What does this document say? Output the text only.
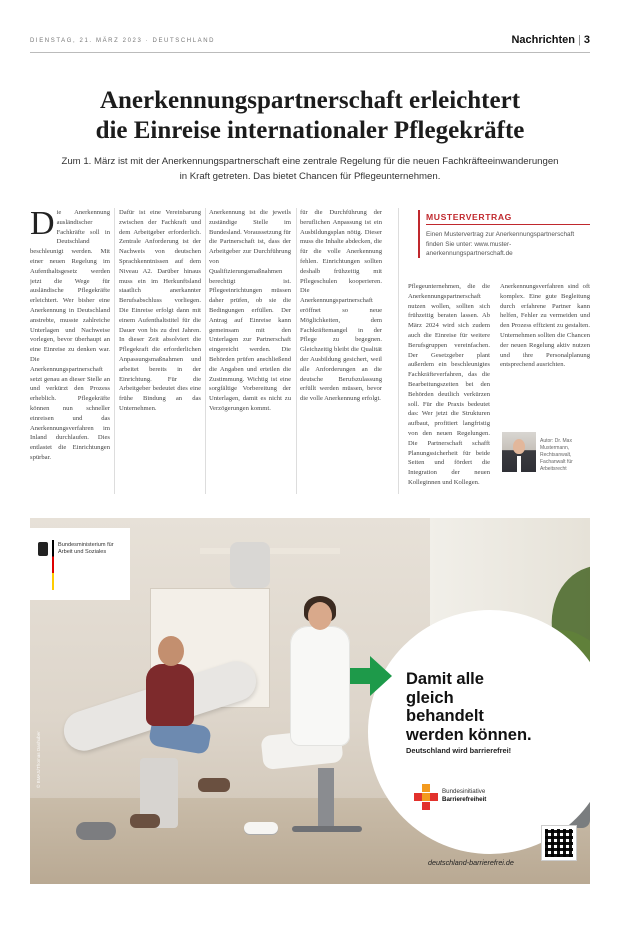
DIENSTAG, 21. MÄRZ 2023 · DEUTSCHLAND	Nachrichten | 3
Anerkennungspartnerschaft erleichtert
die Einreise internationaler Pflegekräfte

Zum 1. März ist mit der Anerkennungspartnerschaft eine zentrale Regelung für die neuen Fachkräfteeinwanderungen in Kraft getreten. Das bietet Chancen für Pflegeunternehmen.

D ie Anerkennung ausländischer Fachkräfte soll in Deutschland beschleunigt werden. Mit einer neuen Regelung im Aufenthaltsgesetz werden jetzt die Wege für ausländische Pflegekräfte erleichtert. Wer bisher eine Anerkennung in Deutschland anstrebte, musste zahlreiche Unterlagen und Nachweise vorlegen, bevor überhaupt an eine Einreise zu denken war. Die Anerkennungspartnerschaft setzt genau an dieser Stelle an und verkürzt den Prozess erheblich. Pflegekräfte können nun schneller einreisen und das Anerkennungsverfahren im Inland durchlaufen. Dies entlastet die Einrichtungen spürbar.
Dafür ist eine Vereinbarung zwischen der Fachkraft und dem Arbeitgeber erforderlich. Zentrale Anforderung ist der Nachweis von deutschen Sprachkenntnissen auf dem Niveau A2. Darüber hinaus muss ein im Herkunftsland staatlich anerkannter Berufsabschluss vorliegen. Die Einreise erfolgt dann mit einem Aufenthaltstitel für die Dauer von bis zu drei Jahren. In dieser Zeit absolviert die Pflegekraft die erforderlichen Anpassungsmaßnahmen und arbeitet bereits in der Einrichtung. Für die Arbeitgeber bedeutet dies eine frühe Bindung an das Unternehmen.
Anerkennung ist die jeweils zuständige Stelle im Bundesland. Voraussetzung für die Partnerschaft ist, dass der Arbeitgeber zur Durchführung von Qualifizierungsmaßnahmen berechtigt ist. Pflegeeinrichtungen müssen daher prüfen, ob sie die Bedingungen erfüllen. Der Antrag auf Einreise kann gemeinsam mit den Unterlagen zur Partnerschaft eingereicht werden. Die Behörden prüfen anschließend die Angaben und erteilen die Zustimmung. Wichtig ist eine sorgfältige Vorbereitung der Unterlagen, damit es nicht zu Verzögerungen kommt.
für die Durchführung der beruflichen Anpassung ist ein Ausbildungsplan nötig. Dieser muss die Inhalte abdecken, die für die volle Anerkennung fehlen. Einrichtungen sollten deshalb frühzeitig mit Pflegeschulen kooperieren. Die Anerkennungspartnerschaft eröffnet so neue Möglichkeiten, dem Fachkräftemangel in der Pflege zu begegnen. Gleichzeitig bleibt die Qualität der Ausbildung gesichert, weil alle Anforderungen an die deutsche Berufszulassung erfüllt werden müssen, bevor die volle Anerkennung erfolgt.
MUSTERVERTRAG
Einen Mustervertrag zur Anerkennungspartnerschaft finden Sie unter: www.muster-anerkennungspartnerschaft.de
Pflegeunternehmen, die die Anerkennungspartnerschaft nutzen wollen, sollten sich frühzeitig beraten lassen. Ab März 2024 wird sich zudem auch die Einreise für weitere Berufsgruppen vereinfachen. Der Gesetzgeber plant außerdem ein beschleunigtes Fachkräfteverfahren, das die Bearbeitungszeiten bei den Behörden deutlich verkürzen soll. Für die Praxis bedeutet das: Wer jetzt die Strukturen aufbaut, profitiert langfristig von den neuen Regelungen. Die Partnerschaft schafft Planungssicherheit für beide Seiten und fördert die Integration der neuen Kolleginnen und Kollegen.
Anerkennungsverfahren sind oft komplex. Eine gute Begleitung durch erfahrene Partner kann helfen, Fehler zu vermeiden und den Prozess effizient zu gestalten. Unternehmen sollten die Chancen der neuen Regelung aktiv nutzen und ihre Personalplanung entsprechend ausrichten.
Autor: Dr. Max Mustermann, Rechtsanwalt, Fachanwalt für Arbeitsrecht
Bundesministerium für Arbeit und Soziales
Damit alle
gleich
behandelt
werden können.
Deutschland wird barrierefrei!
Bundesinitiative
Barrierefreiheit
deutschland-barrierefrei.de
© BMAS/Thomas Dashuber
